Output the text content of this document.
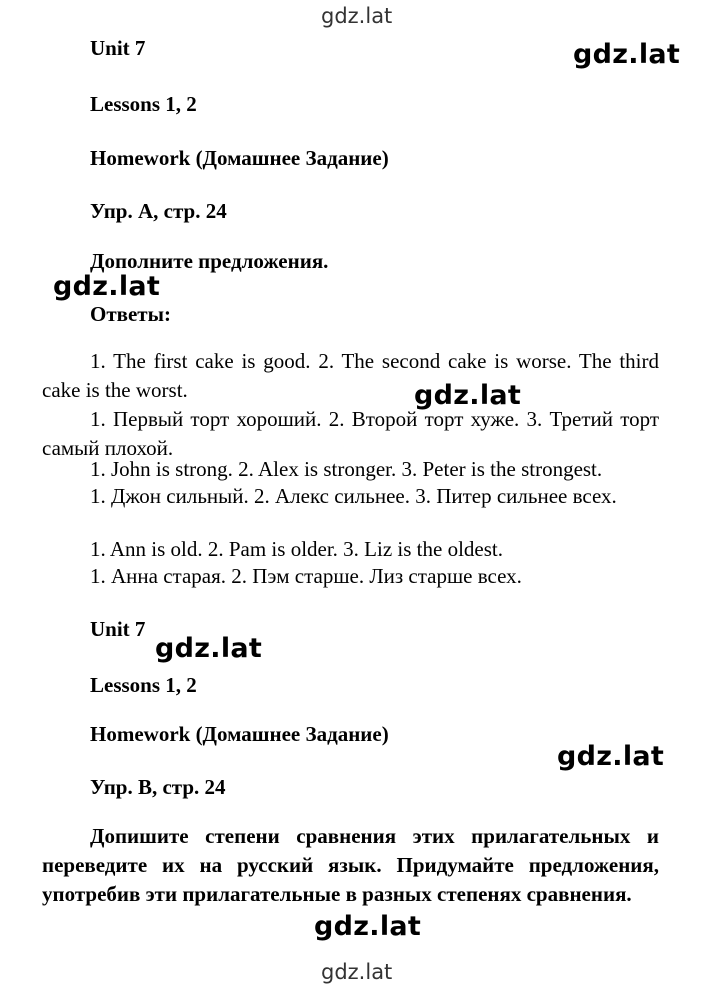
gdz.lat
gdz.lat
Unit 7
Lessons 1, 2
Homework (Домашнее Задание)
Упр. A, стр. 24
Дополните предложения.
Ответы:

1. The first cake is good. 2. The second cake is worse. The third cake is the worst.

1. Первый торт хороший. 2. Второй торт хуже. 3. Третий торт самый плохой.

1. John is strong. 2. Alex is stronger. 3. Peter is the strongest.

1. Джон сильный. 2. Алекс сильнее. 3. Питер сильнее всех.

1. Ann is old. 2. Pam is older. 3. Liz is the oldest.

1. Анна старая. 2. Пэм старше. Лиз старше всех.

Unit 7
Lessons 1, 2
Homework (Домашнее Задание)
Упр. B, стр. 24

Допишите степени сравнения этих прилагательных и переведите их на русский язык. Придумайте предложения, употребив эти прилагательные в разных степенях сравнения.

gdz.lat
gdz.lat
gdz.lat
gdz.lat
gdz.lat
gdz.lat
